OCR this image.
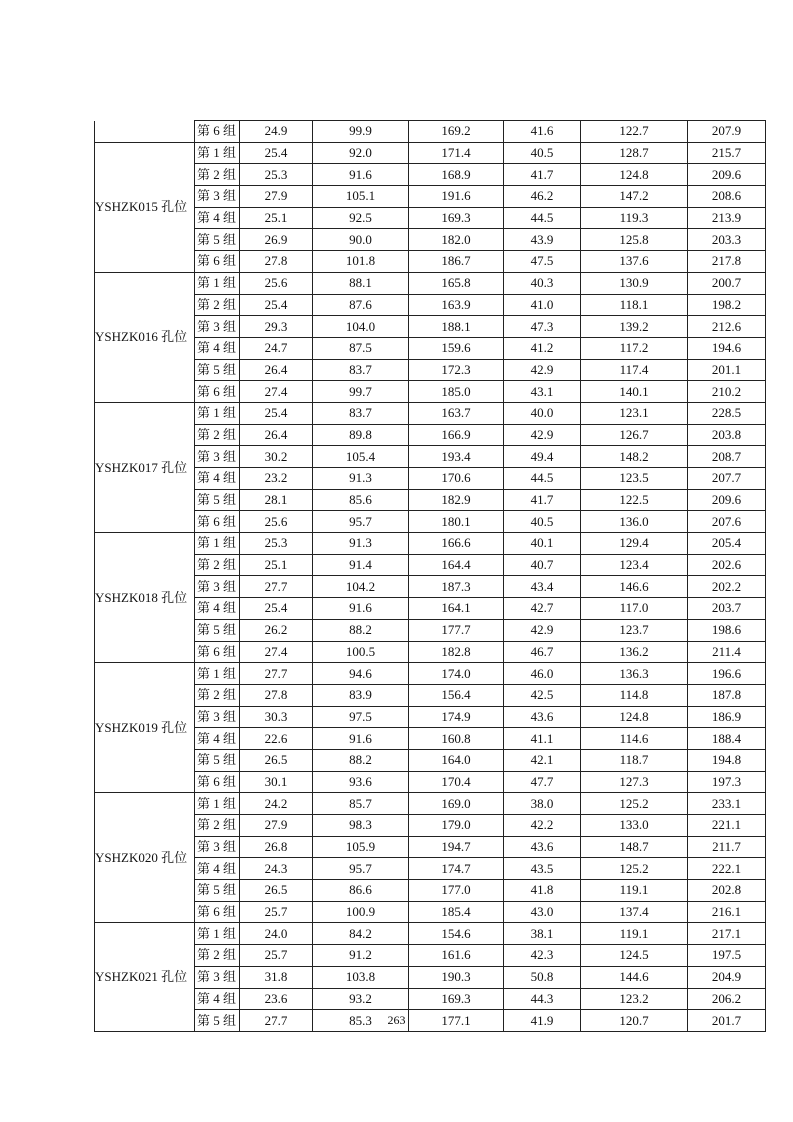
	第 6 组	24.9	99.9	169.2	41.6	122.7	207.9
YSHZK015 孔位	第 1 组	25.4	92.0	171.4	40.5	128.7	215.7
	第 2 组	25.3	91.6	168.9	41.7	124.8	209.6
	第 3 组	27.9	105.1	191.6	46.2	147.2	208.6
	第 4 组	25.1	92.5	169.3	44.5	119.3	213.9
	第 5 组	26.9	90.0	182.0	43.9	125.8	203.3
	第 6 组	27.8	101.8	186.7	47.5	137.6	217.8
YSHZK016 孔位	第 1 组	25.6	88.1	165.8	40.3	130.9	200.7
	第 2 组	25.4	87.6	163.9	41.0	118.1	198.2
	第 3 组	29.3	104.0	188.1	47.3	139.2	212.6
	第 4 组	24.7	87.5	159.6	41.2	117.2	194.6
	第 5 组	26.4	83.7	172.3	42.9	117.4	201.1
	第 6 组	27.4	99.7	185.0	43.1	140.1	210.2
YSHZK017 孔位	第 1 组	25.4	83.7	163.7	40.0	123.1	228.5
	第 2 组	26.4	89.8	166.9	42.9	126.7	203.8
	第 3 组	30.2	105.4	193.4	49.4	148.2	208.7
	第 4 组	23.2	91.3	170.6	44.5	123.5	207.7
	第 5 组	28.1	85.6	182.9	41.7	122.5	209.6
	第 6 组	25.6	95.7	180.1	40.5	136.0	207.6
YSHZK018 孔位	第 1 组	25.3	91.3	166.6	40.1	129.4	205.4
	第 2 组	25.1	91.4	164.4	40.7	123.4	202.6
	第 3 组	27.7	104.2	187.3	43.4	146.6	202.2
	第 4 组	25.4	91.6	164.1	42.7	117.0	203.7
	第 5 组	26.2	88.2	177.7	42.9	123.7	198.6
	第 6 组	27.4	100.5	182.8	46.7	136.2	211.4
YSHZK019 孔位	第 1 组	27.7	94.6	174.0	46.0	136.3	196.6
	第 2 组	27.8	83.9	156.4	42.5	114.8	187.8
	第 3 组	30.3	97.5	174.9	43.6	124.8	186.9
	第 4 组	22.6	91.6	160.8	41.1	114.6	188.4
	第 5 组	26.5	88.2	164.0	42.1	118.7	194.8
	第 6 组	30.1	93.6	170.4	47.7	127.3	197.3
YSHZK020 孔位	第 1 组	24.2	85.7	169.0	38.0	125.2	233.1
	第 2 组	27.9	98.3	179.0	42.2	133.0	221.1
	第 3 组	26.8	105.9	194.7	43.6	148.7	211.7
	第 4 组	24.3	95.7	174.7	43.5	125.2	222.1
	第 5 组	26.5	86.6	177.0	41.8	119.1	202.8
	第 6 组	25.7	100.9	185.4	43.0	137.4	216.1
YSHZK021 孔位	第 1 组	24.0	84.2	154.6	38.1	119.1	217.1
	第 2 组	25.7	91.2	161.6	42.3	124.5	197.5
	第 3 组	31.8	103.8	190.3	50.8	144.6	204.9
	第 4 组	23.6	93.2	169.3	44.3	123.2	206.2
	第 5 组	27.7	85.3	177.1	41.9	120.7	201.7
263
